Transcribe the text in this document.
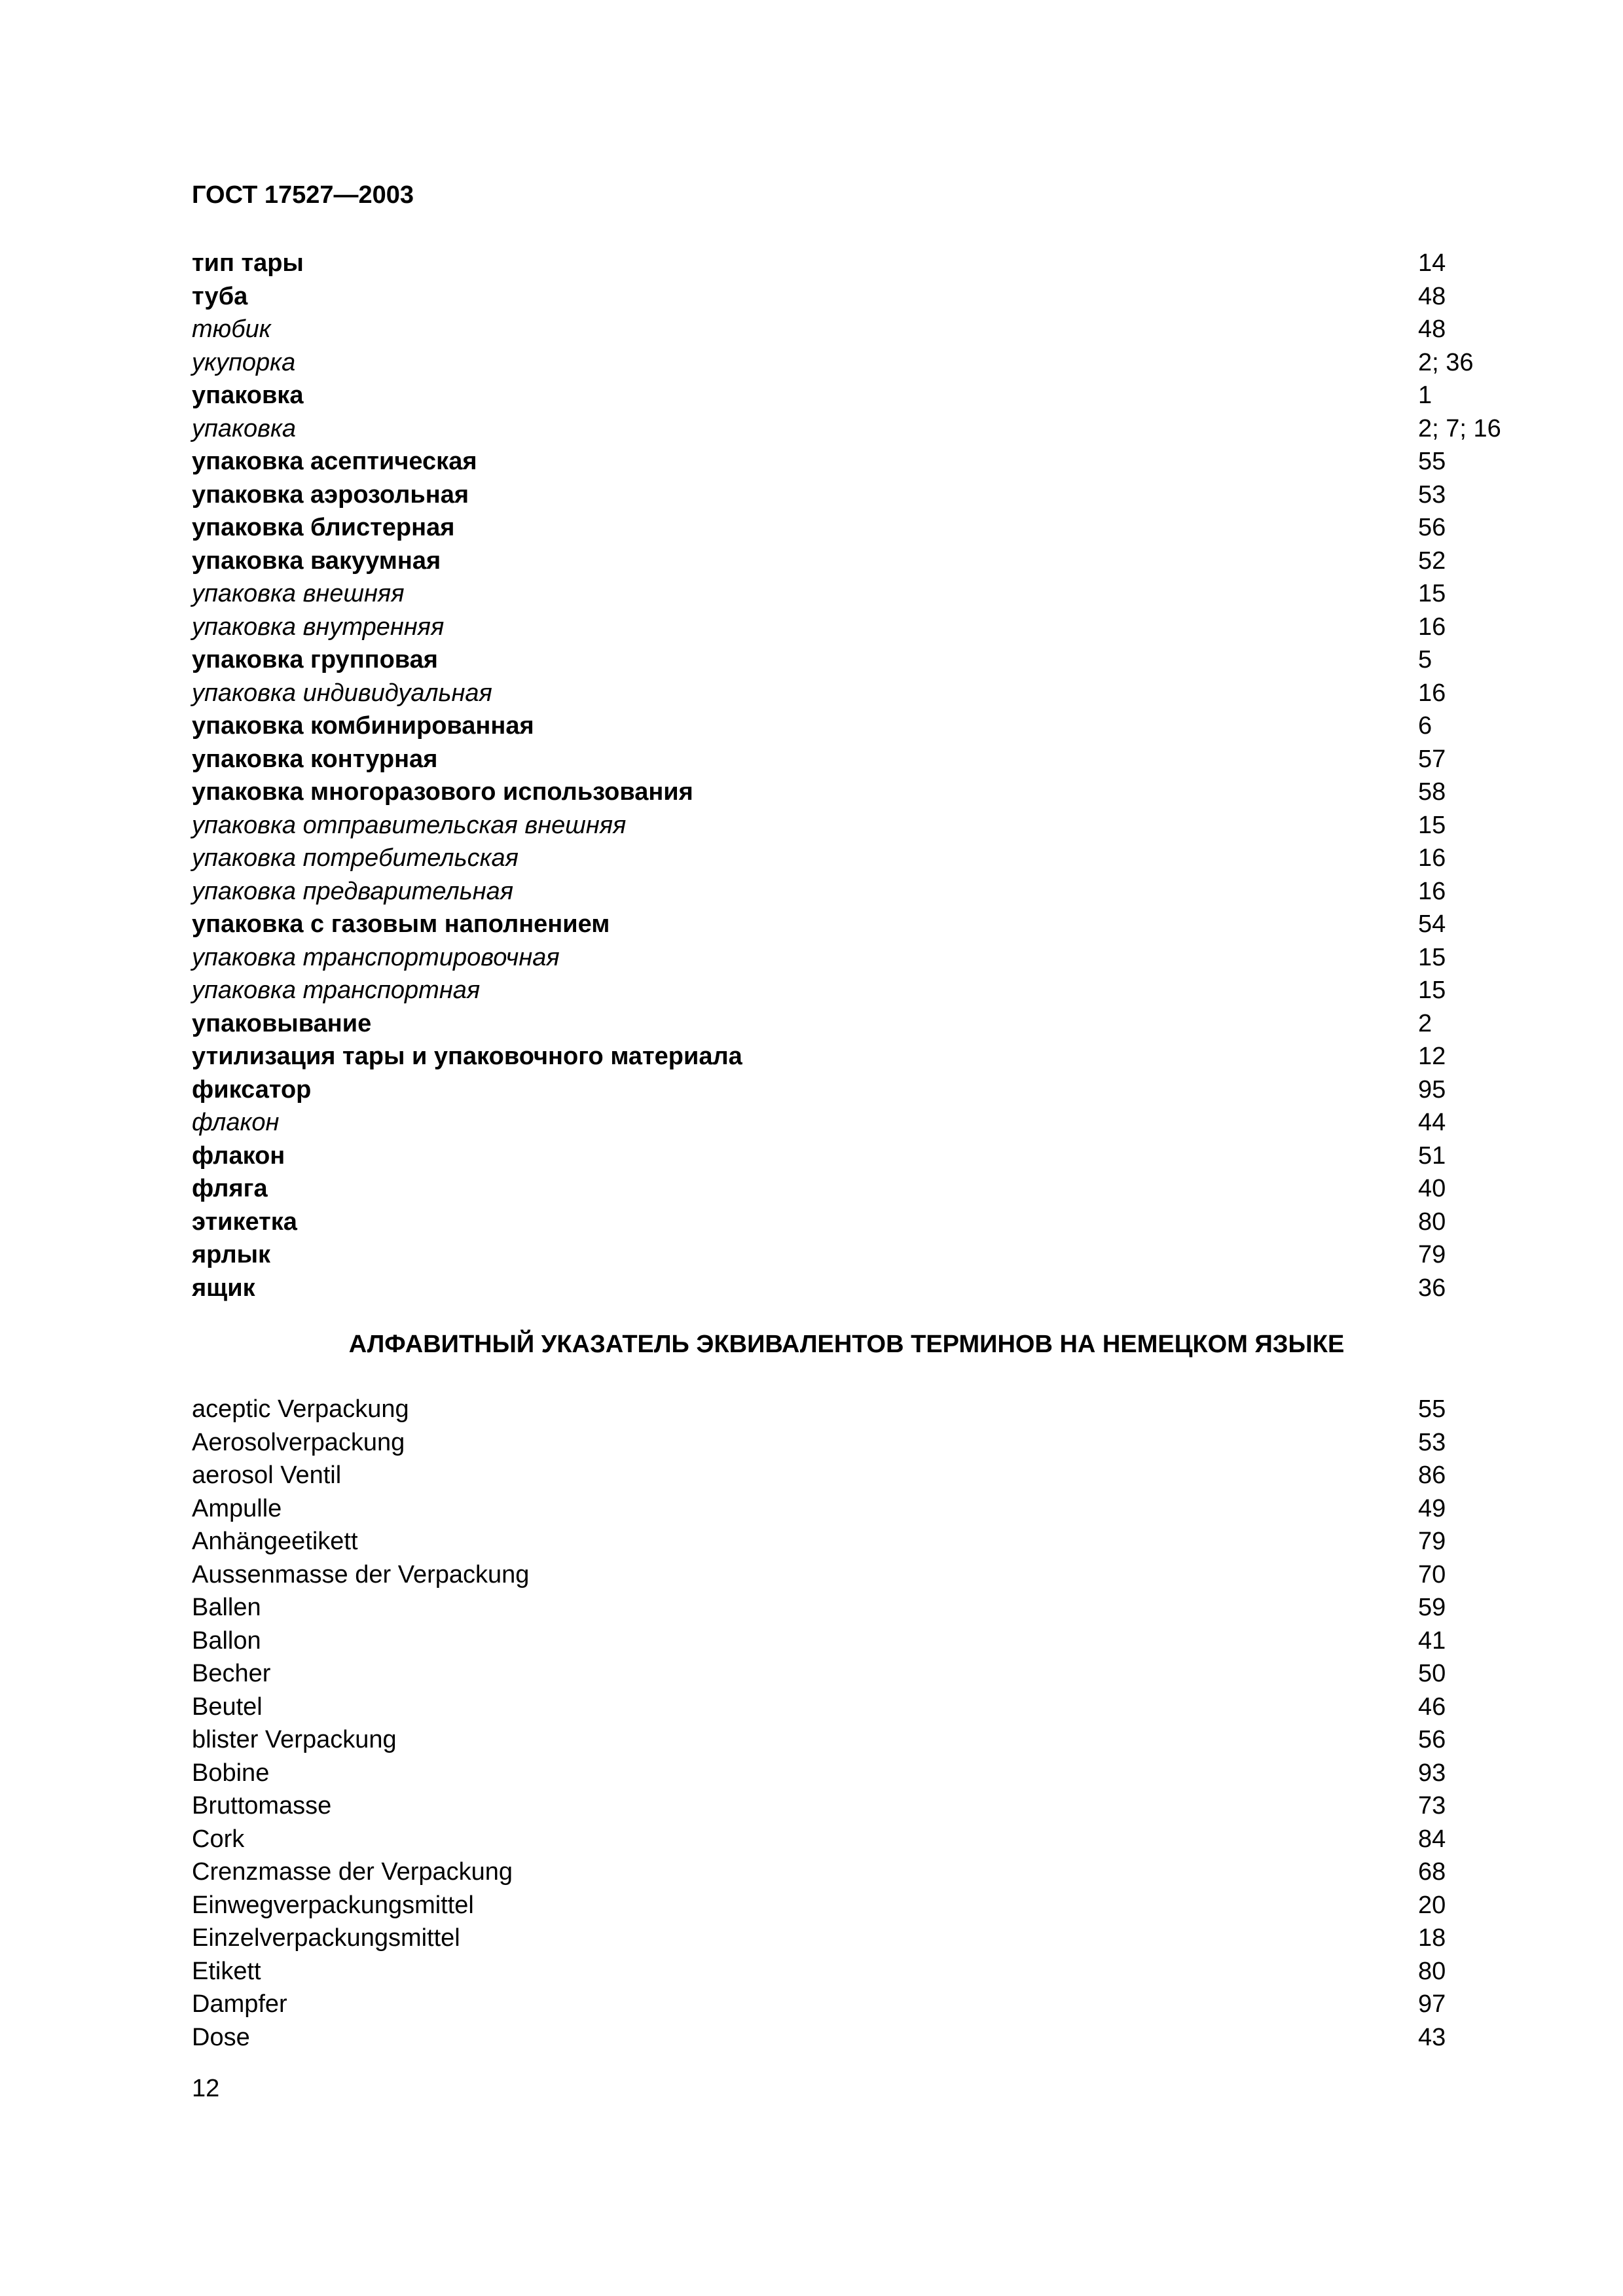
ГОСТ 17527—2003
тип тары	14
туба	48
тюбик	48
укупорка	2; 36
упаковка	1
упаковка	2; 7; 16
упаковка асептическая	55
упаковка аэрозольная	53
упаковка блистерная	56
упаковка вакуумная	52
упаковка внешняя	15
упаковка внутренняя	16
упаковка групповая	5
упаковка индивидуальная	16
упаковка комбинированная	6
упаковка контурная	57
упаковка многоразового использования	58
упаковка отправительская внешняя	15
упаковка потребительская	16
упаковка предварительная	16
упаковка с газовым наполнением	54
упаковка транспортировочная	15
упаковка транспортная	15
упаковывание	2
утилизация тары и упаковочного материала	12
фиксатор	95
флакон	44
флакон	51
фляга	40
этикетка	80
ярлык	79
ящик	36
АЛФАВИТНЫЙ УКАЗАТЕЛЬ ЭКВИВАЛЕНТОВ ТЕРМИНОВ НА НЕМЕЦКОМ ЯЗЫКЕ
aceptic Verpackung	55
Aerosolverpackung	53
aerosol Ventil	86
Ampulle	49
Anhängeetikett	79
Aussenmasse der Verpackung	70
Ballen	59
Ballon	41
Becher	50
Beutel	46
blister Verpackung	56
Bobine	93
Bruttomasse	73
Cork	84
Crenzmasse der Verpackung	68
Einwegverpackungsmittel	20
Einzelverpackungsmittel	18
Etikett	80
Dampfer	97
Dose	43
12
